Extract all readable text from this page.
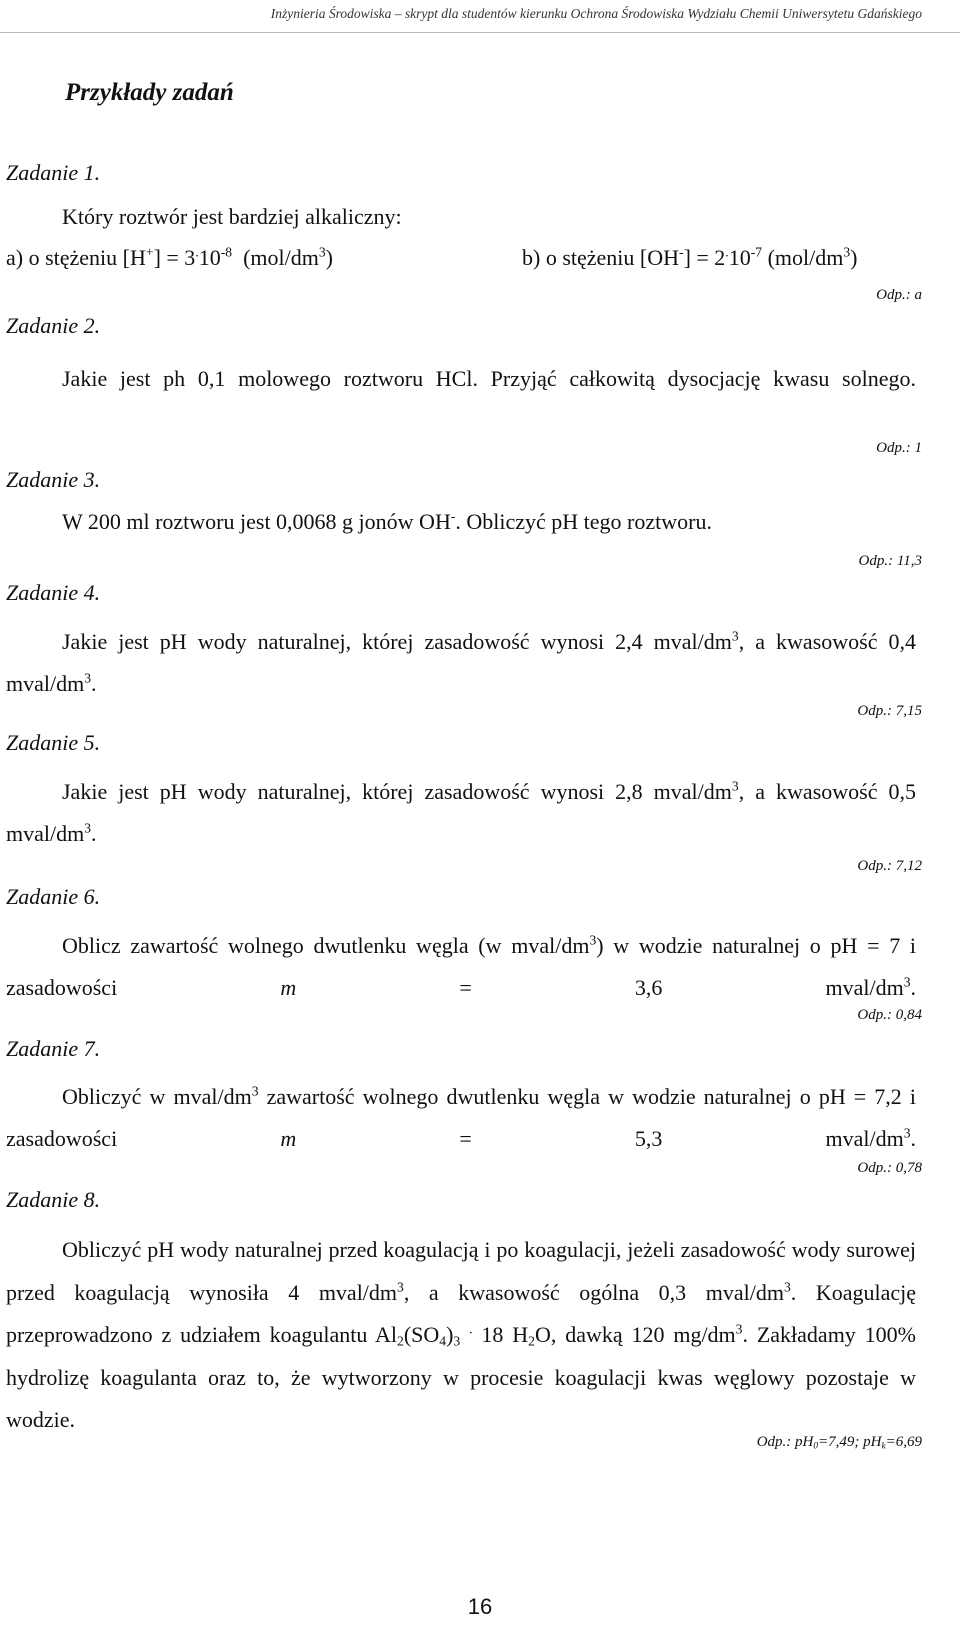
Inżynieria Środowiska – skrypt dla studentów kierunku Ochrona Środowiska Wydziału Chemii Uniwersytetu Gdańskiego
Przykłady zadań
Zadanie 1.
Który roztwór jest bardziej alkaliczny:
a) o stężeniu $[H^+] = 3^.10^{-8}$  $(mol/dm^3)$	b) o stężeniu $[OH^-] = 2^.10^{-7}$ $(mol/dm^3)$
Odp.: a
Zadanie 2.
Jakie jest ph 0,1 molowego roztworu HCl. Przyjąć całkowitą dysocjację kwasu solnego.
Odp.: 1
Zadanie 3.
W 200 ml roztworu jest 0,0068 g jonów OH-. Obliczyć pH tego roztworu.
Odp.: 11,3
Zadanie 4.
Jakie jest pH wody naturalnej, której zasadowość wynosi 2,4 mval/$dm^3$, a kwasowość 0,4 mval/$dm^3$.
Odp.: 7,15
Zadanie 5.
Jakie jest pH wody naturalnej, której zasadowość wynosi 2,8 mval/$dm^3$, a kwasowość 0,5 mval/$dm^3$.
Odp.: 7,12
Zadanie 6.
Oblicz zawartość wolnego dwutlenku węgla (w mval/$dm^3$) w wodzie naturalnej o pH = 7 i zasadowości m = 3,6 mval/$dm^3$.
Odp.: 0,84
Zadanie 7.
Obliczyć w mval/$dm^3$ zawartość wolnego dwutlenku węgla w wodzie naturalnej o pH = 7,2 i zasadowości m = 5,3 mval/$dm^3$.
Odp.: 0,78
Zadanie 8.
Obliczyć pH wody naturalnej przed koagulacją i po koagulacji, jeżeli zasadowość wody surowej przed koagulacją wynosiła 4 mval/$dm^3$, a kwasowość ogólna 0,3 mval/$dm^3$. Koagulację przeprowadzono z udziałem koagulantu $Al_2(SO_4)_3$ . 18 $H_2O$, dawką 120 $mg/dm^3$. Zakładamy 100% hydrolizę koagulanta oraz to, że wytworzony w procesie koagulacji kwas węglowy pozostaje w wodzie.
Odp.: $pH_0=7,49$; $pH_k=6,69$
16
